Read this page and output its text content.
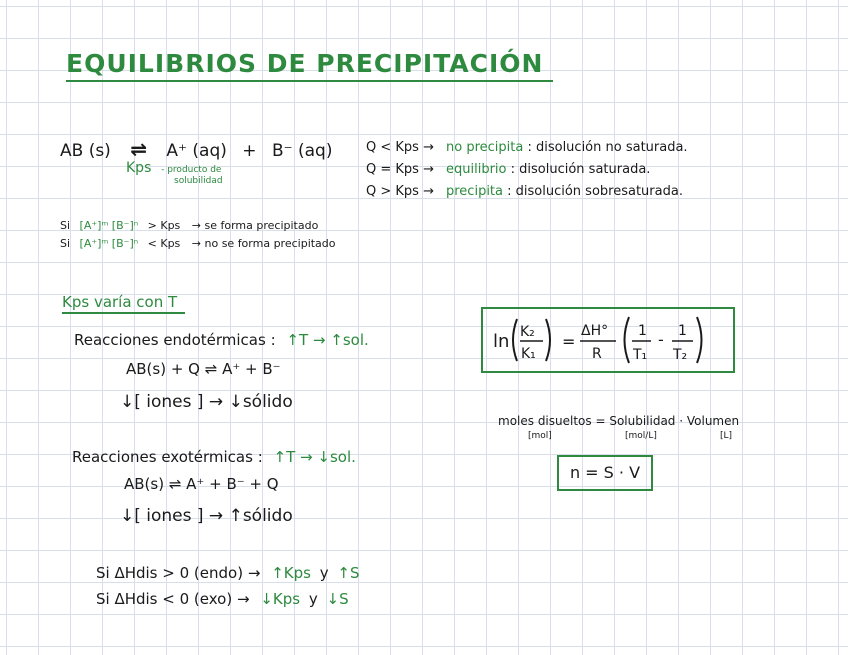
EQUILIBRIOS DE PRECIPITACIÓN
AB (s) ⇌ A⁺ (aq) + B⁻ (aq)
Kps - producto de
solubilidad
Q < Kps → no precipita : disolución no saturada.
Q = Kps → equilibrio : disolución saturada.
Q > Kps → precipita : disolución sobresaturada.
Si [A⁺]ᵐ [B⁻]ⁿ > Kps → se forma precipitado
Si [A⁺]ᵐ [B⁻]ⁿ < Kps → no se forma precipitado
Kps varía con T
Reacciones endotérmicas : ↑T → ↑sol.
AB(s) + Q ⇌ A⁺ + B⁻
↓[ iones ] → ↓sólido
Reacciones exotérmicas : ↑T → ↓sol.
AB(s) ⇌ A⁺ + B⁻ + Q
↓[ iones ] → ↑sólido
Si ΔHdis > 0 (endo) → ↑Kps y ↑S
Si ΔHdis < 0 (exo) → ↓Kps y ↓S
ln K₂
K₁
=
ΔH°
R
1
T₁
- 1
T₂
moles disueltos = Solubilidad · Volumen
[mol]	[mol/L]	[L]
n = S · V
